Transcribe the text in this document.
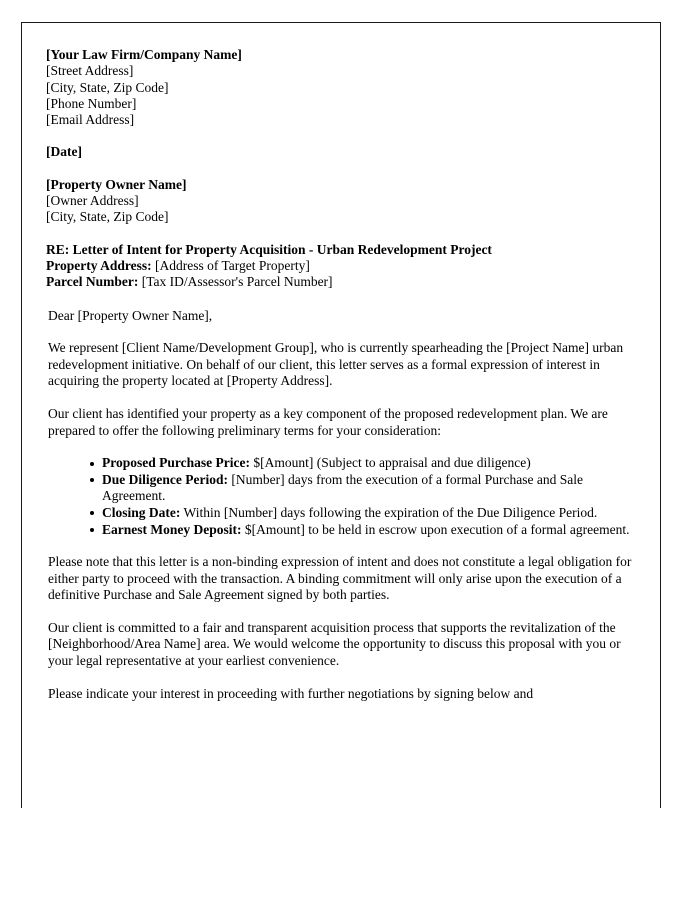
[Your Law Firm/Company Name]
[Street Address]
[City, State, Zip Code]
[Phone Number]
[Email Address]
[Date]
[Property Owner Name]
[Owner Address]
[City, State, Zip Code]
RE: Letter of Intent for Property Acquisition - Urban Redevelopment Project
Property Address: [Address of Target Property]
Parcel Number: [Tax ID/Assessor's Parcel Number]

Dear [Property Owner Name],

We represent [Client Name/Development Group], who is currently spearheading the [Project Name] urban redevelopment initiative. On behalf of our client, this letter serves as a formal expression of interest in acquiring the property located at [Property Address].

Our client has identified your property as a key component of the proposed redevelopment plan. We are prepared to offer the following preliminary terms for your consideration:

Proposed Purchase Price: $[Amount] (Subject to appraisal and due diligence)
Due Diligence Period: [Number] days from the execution of a formal Purchase and Sale Agreement.
Closing Date: Within [Number] days following the expiration of the Due Diligence Period.
Earnest Money Deposit: $[Amount] to be held in escrow upon execution of a formal agreement.

Please note that this letter is a non-binding expression of intent and does not constitute a legal obligation for either party to proceed with the transaction. A binding commitment will only arise upon the execution of a definitive Purchase and Sale Agreement signed by both parties.

Our client is committed to a fair and transparent acquisition process that supports the revitalization of the [Neighborhood/Area Name] area. We would welcome the opportunity to discuss this proposal with you or your legal representative at your earliest convenience.

Please indicate your interest in proceeding with further negotiations by signing below and
